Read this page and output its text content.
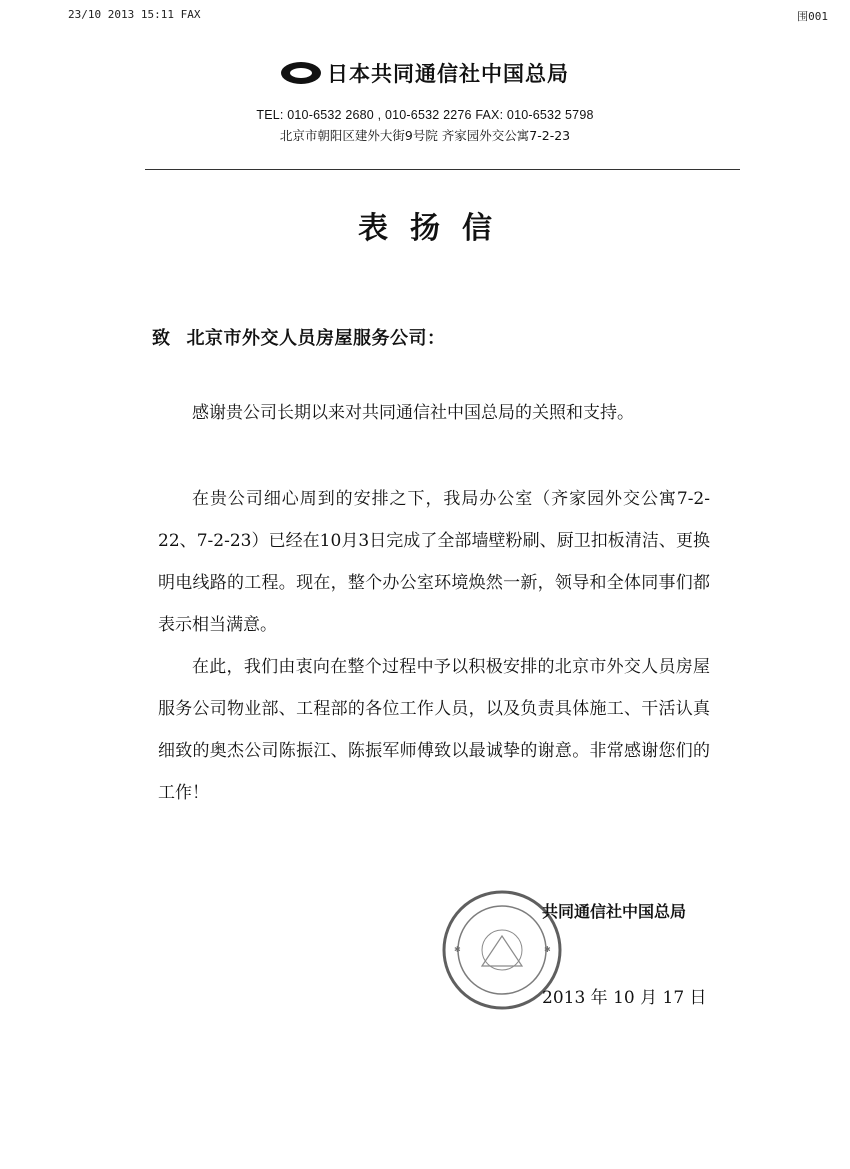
23/10 2013 15:11 FAX	围001
日本共同通信社中国总局
TEL: 010-6532 2680 , 010-6532 2276 FAX: 010-6532 5798
北京市朝阳区建外大街9号院 齐家园外交公寓7-2-23
表扬信
致 北京市外交人员房屋服务公司：

感谢贵公司长期以来对共同通信社中国总局的关照和支持。

在贵公司细心周到的安排之下，我局办公室（齐家园外交公寓7-2-22、7-2-23）已经在10月3日完成了全部墙壁粉刷、厨卫扣板清洁、更换明电线路的工程。现在，整个办公室环境焕然一新，领导和全体同事们都表示相当满意。

在此，我们由衷向在整个过程中予以积极安排的北京市外交人员房屋服务公司物业部、工程部的各位工作人员，以及负责具体施工、干活认真细致的奥杰公司陈振江、陈振军师傅致以最诚挚的谢意。非常感谢您们的工作！

✱	✱
共同通信社中国总局
2013 年 10 月 17 日
